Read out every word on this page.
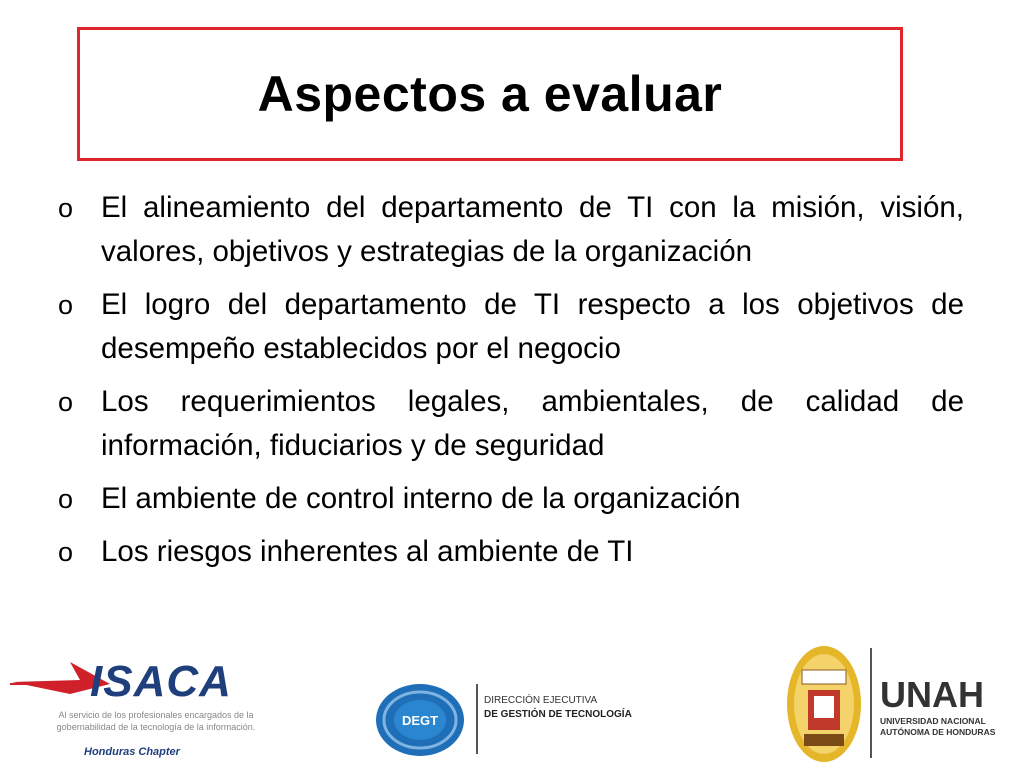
Aspectos a evaluar
o El alineamiento del departamento de TI con la misión, visión, valores, objetivos y estrategias de la organización
o El logro del departamento de TI respecto a los objetivos de desempeño establecidos por el negocio
o Los requerimientos legales, ambientales, de calidad de información, fiduciarios y de seguridad
o El ambiente de control interno de la organización
o Los riesgos inherentes al ambiente de TI
ISACA
Al servicio de los profesionales encargados de la gobernabilidad de la tecnología de la información.
Honduras Chapter
DEGT
DIRECCIÓN EJECUTIVA
DE GESTIÓN DE TECNOLOGÍA	UNAH
UNIVERSIDAD NACIONAL
AUTÓNOMA DE HONDURAS
